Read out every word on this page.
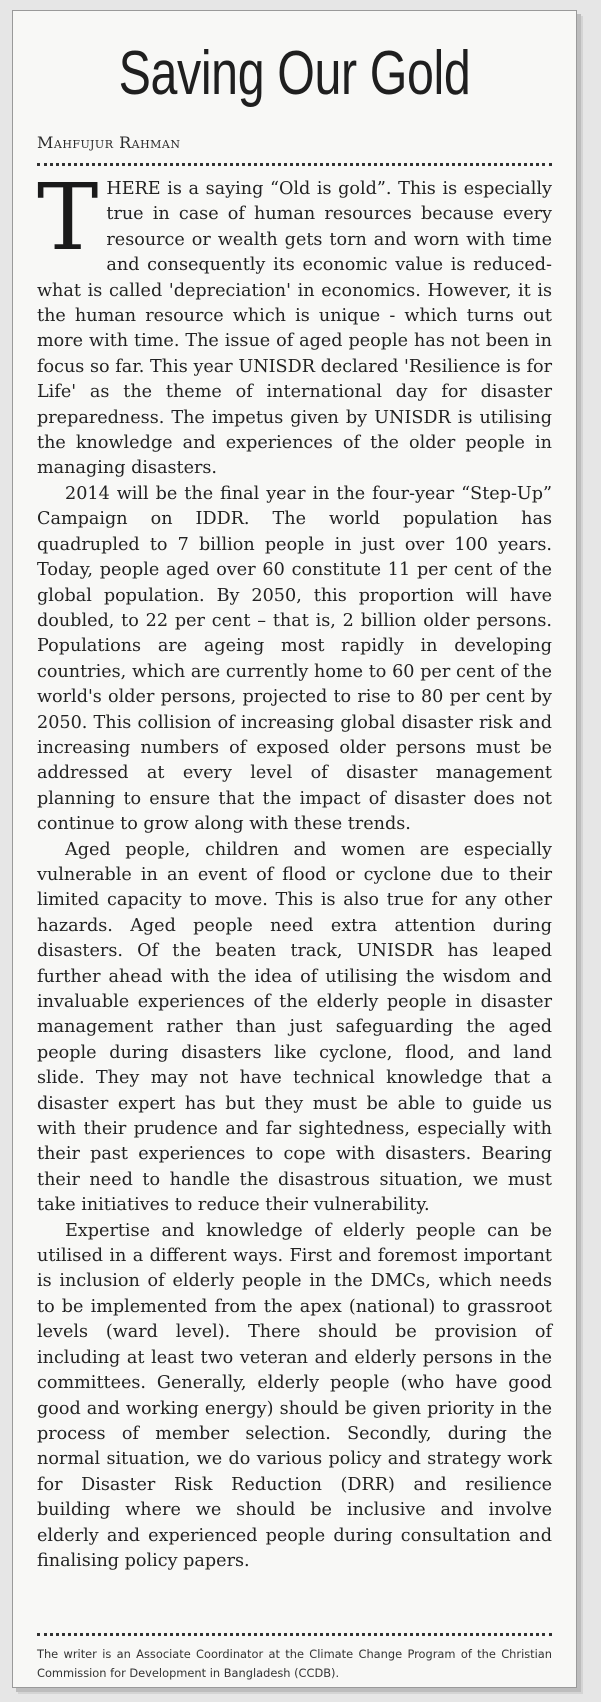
Saving Our Gold
Mahfujur Rahman

THERE is a saying “Old is gold”. This is especially true in case of human resources because every resource or wealth gets torn and worn with time and consequently its economic value is reduced- what is called 'depreciation' in economics. However, it is the human resource which is unique - which turns out more with time. The issue of aged people has not been in focus so far. This year UNISDR declared 'Resilience is for Life' as the theme of international day for disaster preparedness. The impetus given by UNISDR is utilising the knowledge and experiences of the older people in managing disasters.

2014 will be the final year in the four-year “Step-Up” Campaign on IDDR. The world population has quadrupled to 7 billion people in just over 100 years. Today, people aged over 60 constitute 11 per cent of the global population. By 2050, this proportion will have doubled, to 22 per cent – that is, 2 billion older persons. Populations are ageing most rapidly in developing countries, which are currently home to 60 per cent of the world's older persons, projected to rise to 80 per cent by 2050. This collision of increasing global disaster risk and increasing numbers of exposed older persons must be addressed at every level of disaster management planning to ensure that the impact of disaster does not continue to grow along with these trends.

Aged people, children and women are especially vulnerable in an event of flood or cyclone due to their limited capacity to move. This is also true for any other hazards. Aged people need extra attention during disasters. Of the beaten track, UNISDR has leaped further ahead with the idea of utilising the wisdom and invaluable experiences of the elderly people in disaster management rather than just safeguarding the aged people during disasters like cyclone, flood, and land slide. They may not have technical knowledge that a disaster expert has but they must be able to guide us with their prudence and far sightedness, especially with their past experiences to cope with disasters. Bearing their need to handle the disastrous situation, we must take initiatives to reduce their vulnerability.

Expertise and knowledge of elderly people can be utilised in a different ways. First and foremost important is inclusion of elderly people in the DMCs, which needs to be implemented from the apex (national) to grassroot levels (ward level). There should be provision of including at least two veteran and elderly persons in the committees. Generally, elderly people (who have good good and working energy) should be given priority in the process of member selection. Secondly, during the normal situation, we do various policy and strategy work for Disaster Risk Reduction (DRR) and resilience building where we should be inclusive and involve elderly and experienced people during consultation and finalising policy papers.

The writer is an Associate Coordinator at the Climate Change Program of the Christian Commission for Development in Bangladesh (CCDB).
